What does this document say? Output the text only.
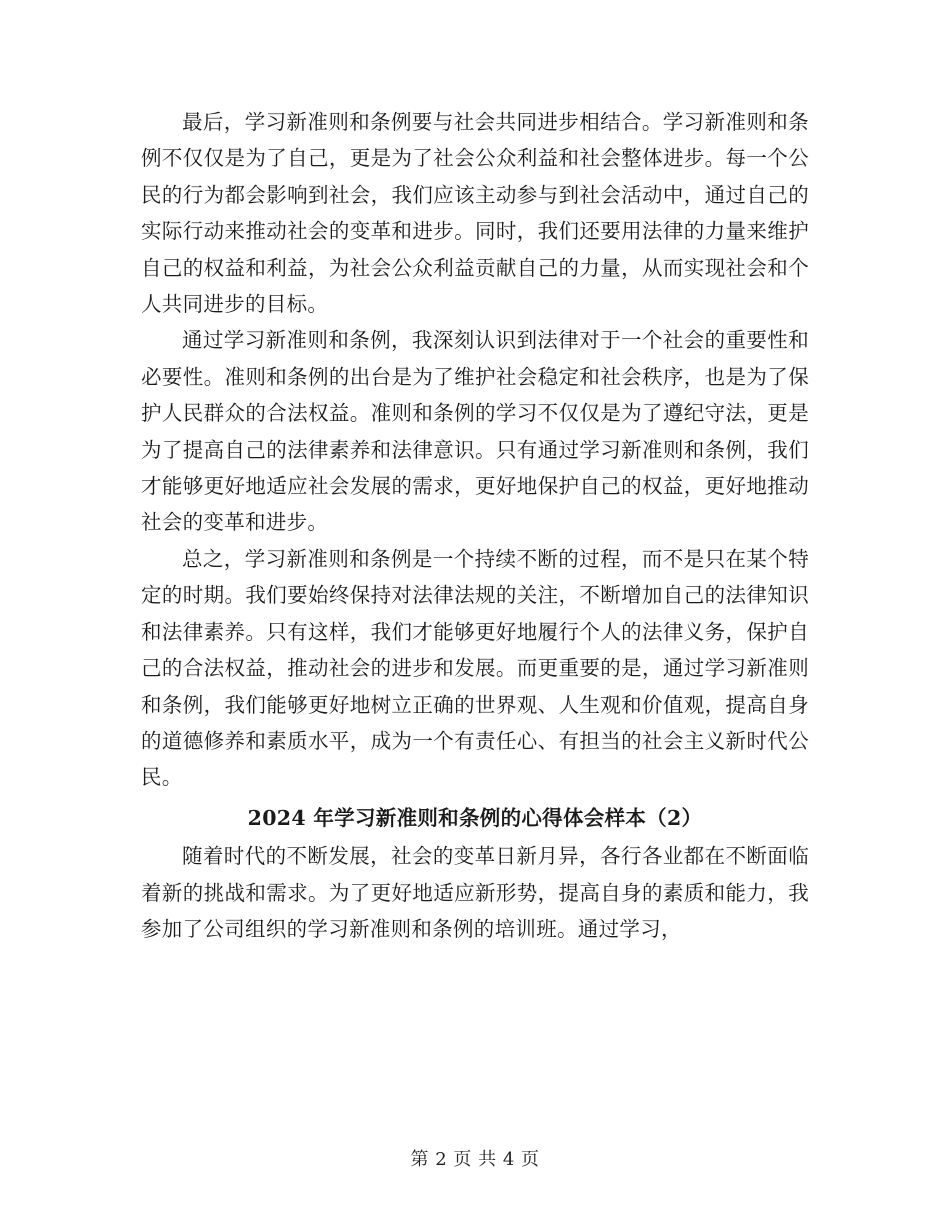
最后，学习新准则和条例要与社会共同进步相结合。学习新准则和条例不仅仅是为了自己，更是为了社会公众利益和社会整体进步。每一个公民的行为都会影响到社会，我们应该主动参与到社会活动中，通过自己的实际行动来推动社会的变革和进步。同时，我们还要用法律的力量来维护自己的权益和利益，为社会公众利益贡献自己的力量，从而实现社会和个人共同进步的目标。

通过学习新准则和条例，我深刻认识到法律对于一个社会的重要性和必要性。准则和条例的出台是为了维护社会稳定和社会秩序，也是为了保护人民群众的合法权益。准则和条例的学习不仅仅是为了遵纪守法，更是为了提高自己的法律素养和法律意识。只有通过学习新准则和条例，我们才能够更好地适应社会发展的需求，更好地保护自己的权益，更好地推动社会的变革和进步。

总之，学习新准则和条例是一个持续不断的过程，而不是只在某个特定的时期。我们要始终保持对法律法规的关注，不断增加自己的法律知识和法律素养。只有这样，我们才能够更好地履行个人的法律义务，保护自己的合法权益，推动社会的进步和发展。而更重要的是，通过学习新准则和条例，我们能够更好地树立正确的世界观、人生观和价值观，提高自身的道德修养和素质水平，成为一个有责任心、有担当的社会主义新时代公民。

2024 年学习新准则和条例的心得体会样本（2）

随着时代的不断发展，社会的变革日新月异，各行各业都在不断面临着新的挑战和需求。为了更好地适应新形势，提高自身的素质和能力，我参加了公司组织的学习新准则和条例的培训班。通过学习，

第 2 页 共 4 页
